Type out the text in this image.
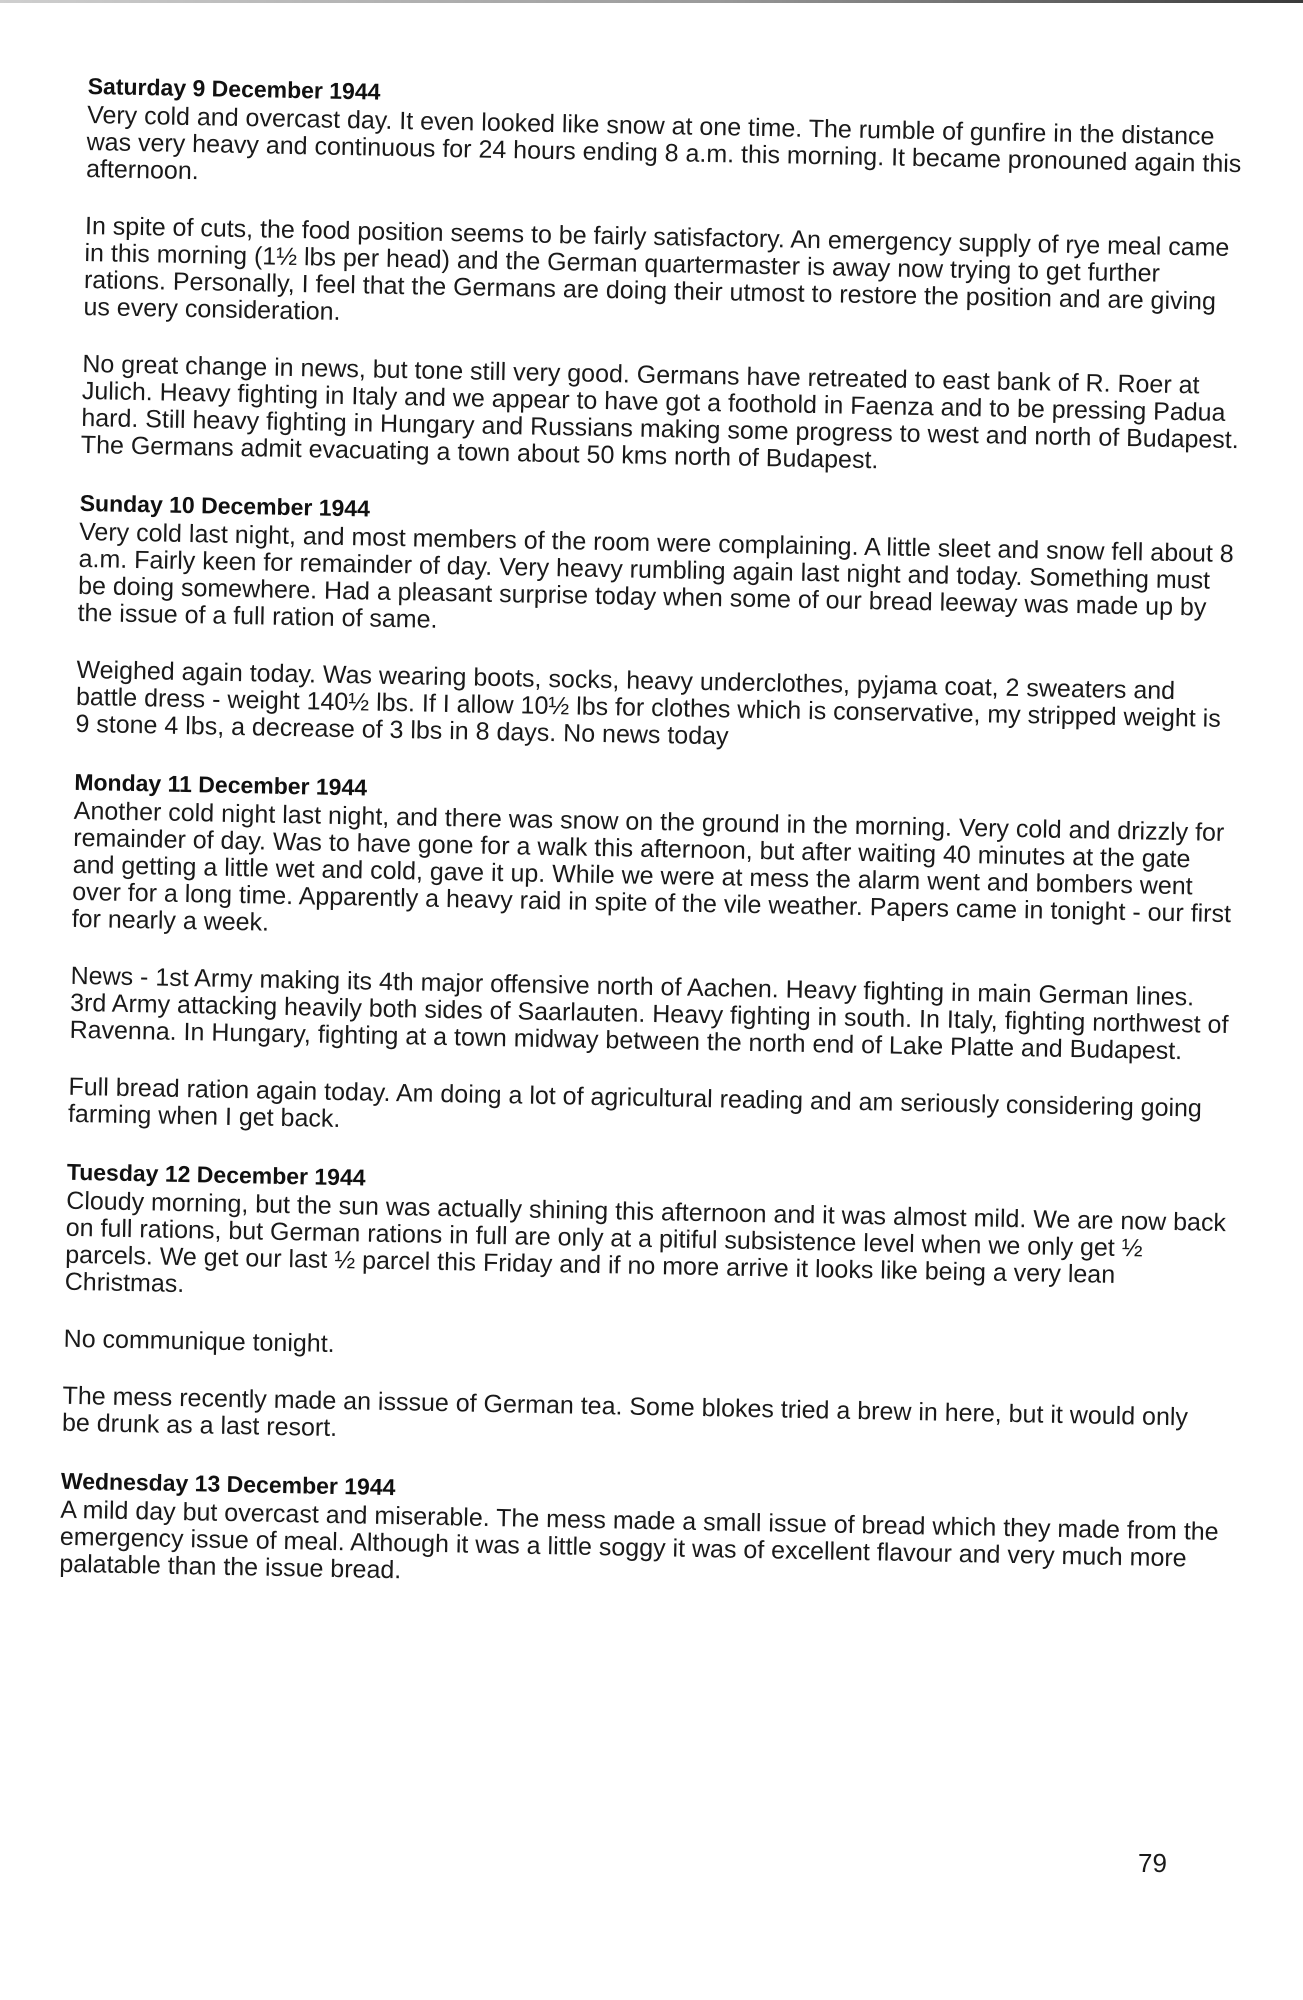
Saturday 9 December 1944

Very cold and overcast day. It even looked like snow at one time. The rumble of gunfire in the distance was very heavy and continuous for 24 hours ending 8 a.m. this morning. It became pronouned again this afternoon.

In spite of cuts, the food position seems to be fairly satisfactory. An emergency supply of rye meal came in this morning (1½ lbs per head) and the German quartermaster is away now trying to get further rations. Personally, I feel that the Germans are doing their utmost to restore the position and are giving us every consideration.

No great change in news, but tone still very good. Germans have retreated to east bank of R. Roer at Julich. Heavy fighting in Italy and we appear to have got a foothold in Faenza and to be pressing Padua hard. Still heavy fighting in Hungary and Russians making some progress to west and north of Budapest. The Germans admit evacuating a town about 50 kms north of Budapest.

Sunday 10 December 1944

Very cold last night, and most members of the room were complaining. A little sleet and snow fell about 8 a.m. Fairly keen for remainder of day. Very heavy rumbling again last night and today. Something must be doing somewhere. Had a pleasant surprise today when some of our bread leeway was made up by the issue of a full ration of same.

Weighed again today. Was wearing boots, socks, heavy underclothes, pyjama coat, 2 sweaters and battle dress - weight 140½ lbs. If I allow 10½ lbs for clothes which is conservative, my stripped weight is 9 stone 4 lbs, a decrease of 3 lbs in 8 days. No news today

Monday 11 December 1944

Another cold night last night, and there was snow on the ground in the morning. Very cold and drizzly for remainder of day. Was to have gone for a walk this afternoon, but after waiting 40 minutes at the gate and getting a little wet and cold, gave it up. While we were at mess the alarm went and bombers went over for a long time. Apparently a heavy raid in spite of the vile weather. Papers came in tonight - our first for nearly a week.

News - 1st Army making its 4th major offensive north of Aachen. Heavy fighting in main German lines. 3rd Army attacking heavily both sides of Saarlauten. Heavy fighting in south. In Italy, fighting northwest of Ravenna. In Hungary, fighting at a town midway between the north end of Lake Platte and Budapest.

Full bread ration again today. Am doing a lot of agricultural reading and am seriously considering going farming when I get back.

Tuesday 12 December 1944

Cloudy morning, but the sun was actually shining this afternoon and it was almost mild. We are now back on full rations, but German rations in full are only at a pitiful subsistence level when we only get ½ parcels. We get our last ½ parcel this Friday and if no more arrive it looks like being a very lean Christmas.

No communique tonight.

The mess recently made an isssue of German tea. Some blokes tried a brew in here, but it would only be drunk as a last resort.

Wednesday 13 December 1944

A mild day but overcast and miserable. The mess made a small issue of bread which they made from the emergency issue of meal. Although it was a little soggy it was of excellent flavour and very much more palatable than the issue bread.

79
